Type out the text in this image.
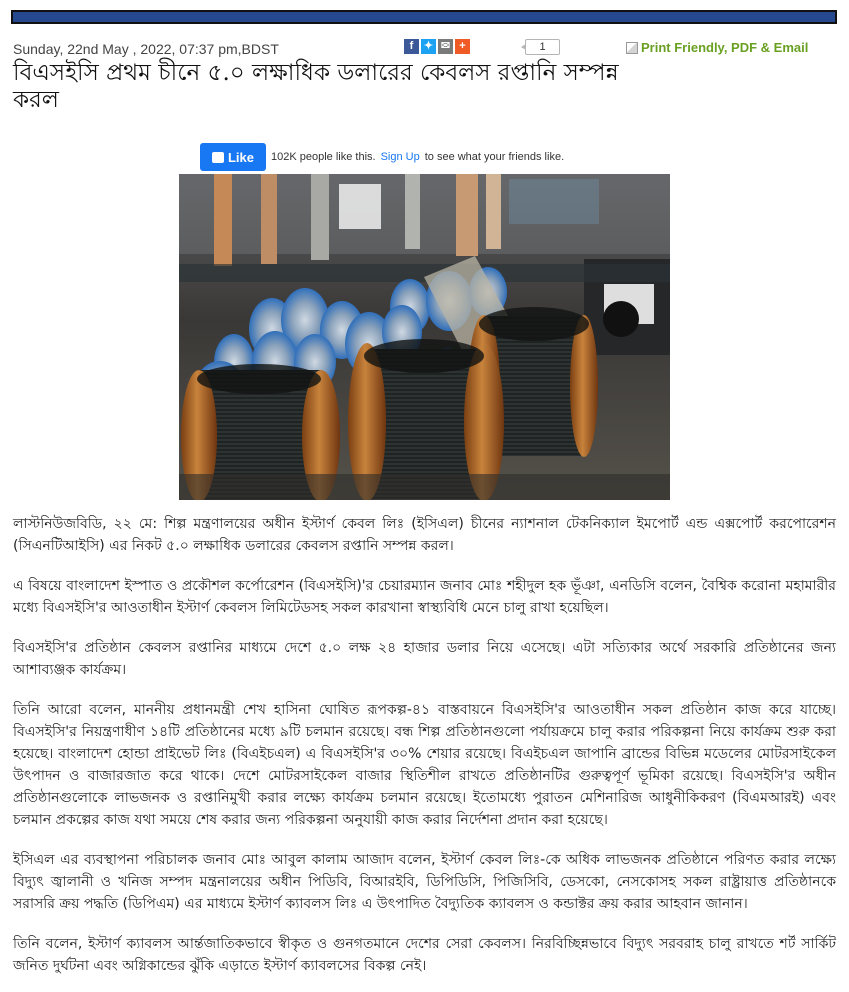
Sunday, 22nd May , 2022, 07:37 pm,BDST	f ✦ ✉ +	1	Print Friendly, PDF & Email
বিএসইসি প্রথম চীনে ৫.০ লক্ষাধিক ডলারের কেবলস রপ্তানি সম্পন্ন করল
Like 102K people like this. Sign Up to see what your friends like.

লাস্টনিউজবিডি, ২২ মে: শিল্প মন্ত্রণালয়ের অধীন ইস্টার্ণ কেবল লিঃ (ইসিএল) চীনের ন্যাশনাল টেকনিক্যাল ইমপোর্ট এন্ড এক্সপোর্ট করপোরেশন (সিএনটিআইসি) এর নিকট ৫.০ লক্ষাধিক ডলারের কেবলস রপ্তানি সম্পন্ন করল।

এ বিষয়ে বাংলাদেশ ইস্পাত ও প্রকৌশল কর্পোরেশন (বিএসইসি)'র চেয়ারম্যান জনাব মোঃ শহীদুল হক ভূঁঞা, এনডিসি বলেন, বৈশ্বিক করোনা মহামারীর মধ্যে বিএসইসি'র আওতাধীন ইস্টার্ণ কেবলস লিমিটেডসহ সকল কারখানা স্বাস্থ্যবিধি মেনে চালু রাখা হয়েছিল।

বিএসইসি'র প্রতিষ্ঠান কেবলস রপ্তানির মাধ্যমে দেশে ৫.০ লক্ষ ২৪ হাজার ডলার নিয়ে এসেছে। এটা সত্যিকার অর্থে সরকারি প্রতিষ্ঠানের জন্য আশাব্যঞ্জক কার্যক্রম।

তিনি আরো বলেন, মাননীয় প্রধানমন্ত্রী শেখ হাসিনা ঘোষিত রূপকল্প-৪১ বাস্তবায়নে বিএসইসি'র আওতাধীন সকল প্রতিষ্ঠান কাজ করে যাচ্ছে। বিএসইসি'র নিয়ন্ত্রণাধীণ ১৪টি প্রতিষ্ঠানের মধ্যে ৯টি চলমান রয়েছে। বন্ধ শিল্প প্রতিষ্ঠানগুলো পর্যায়ক্রমে চালু করার পরিকল্পনা নিয়ে কার্যক্রম শুরু করা হয়েছে। বাংলাদেশ হোন্ডা প্রাইভেট লিঃ (বিএইচএল) এ বিএসইসি'র ৩০% শেয়ার রয়েছে। বিএইচএল জাপানি ব্রান্ডের বিভিন্ন মডেলের মোটরসাইকেল উৎপাদন ও বাজারজাত করে থাকে। দেশে মোটরসাইকেল বাজার স্থিতিশীল রাখতে প্রতিষ্ঠানটির গুরুত্বপূর্ণ ভূমিকা রয়েছে। বিএসইসি'র অধীন প্রতিষ্ঠানগুলোকে লাভজনক ও রপ্তানিমুখী করার লক্ষ্যে কার্যক্রম চলমান রয়েছে। ইতোমধ্যে পুরাতন মেশিনারিজ আধুনীকিকরণ (বিএমআরই) এবং চলমান প্রকল্পের কাজ যথা সময়ে শেষ করার জন্য পরিকল্পনা অনুযায়ী কাজ করার নির্দেশনা প্রদান করা হয়েছে।

ইসিএল এর ব্যবস্থাপনা পরিচালক জনাব মোঃ আবুল কালাম আজাদ বলেন, ইস্টার্ণ কেবল লিঃ-কে অধিক লাভজনক প্রতিষ্ঠানে পরিণত করার লক্ষ্যে বিদ্যুৎ জ্বালানী ও খনিজ সম্পদ মন্ত্রনালয়ের অধীন পিডিবি, বিআরইবি, ডিপিডিসি, পিজিসিবি, ডেসকো, নেসকোসহ সকল রাষ্ট্রায়াত্ত প্রতিষ্ঠানকে সরাসরি ক্রয় পদ্ধতি (ডিপিএম) এর মাধ্যমে ইস্টার্ণ ক্যাবলস লিঃ এ উৎপাদিত বৈদ্যুতিক ক্যাবলস ও কন্ডাক্টর ক্রয় করার আহবান জানান।

তিনি বলেন, ইস্টার্ণ ক্যাবলস আর্ন্তজাতিকভাবে স্বীকৃত ও গুনগতমানে দেশের সেরা কেবলস। নিরবিচ্ছিন্নভাবে বিদ্যুৎ সরবরাহ চালু রাখতে শর্ট সার্কিট জনিত দুর্ঘটনা এবং অগ্নিকান্ডের ঝুঁকি এড়াতে ইস্টার্ণ ক্যাবলসের বিকল্প নেই।
